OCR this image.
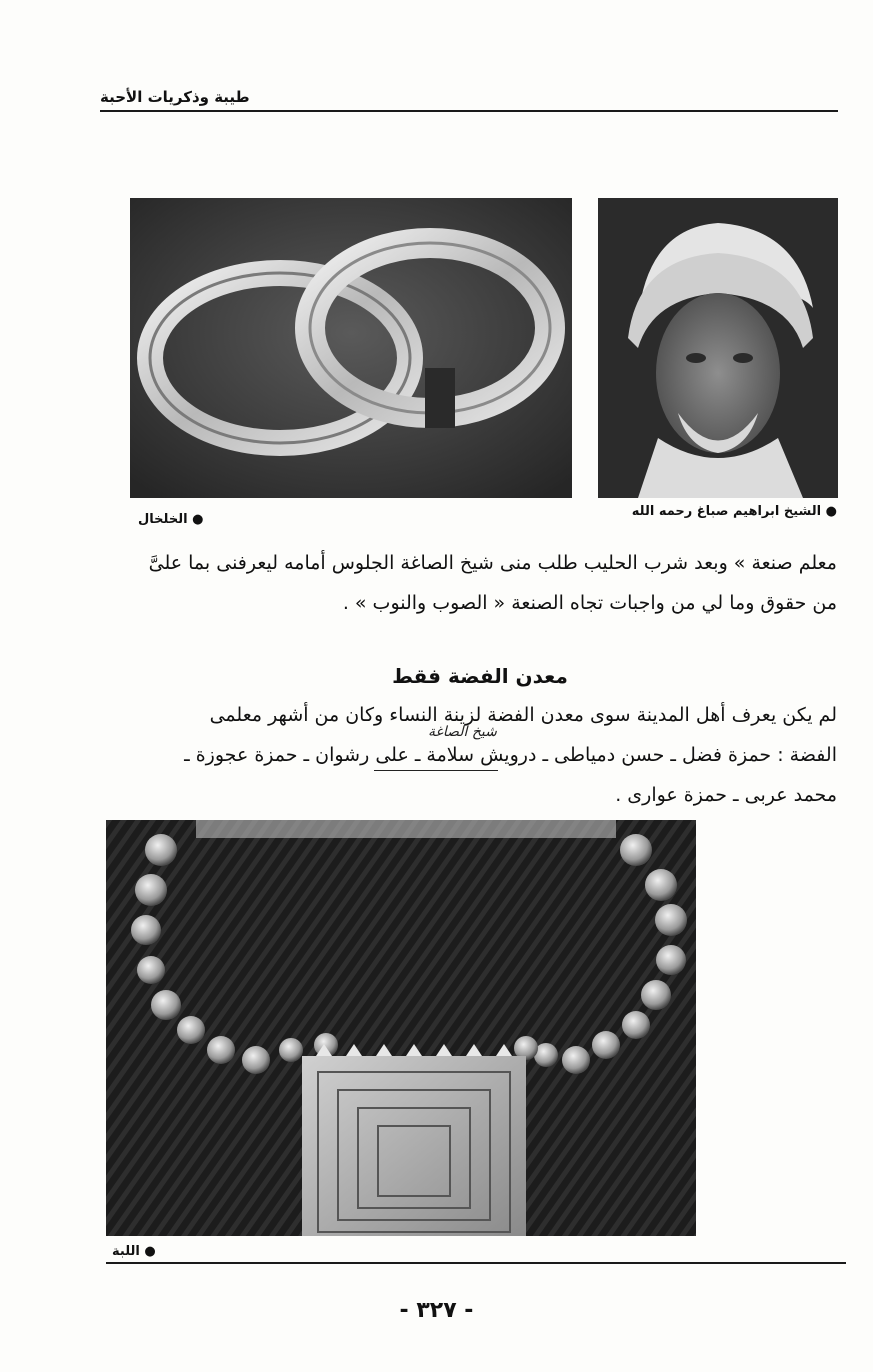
طيبة وذكريات الأحبة
● الخلخال
● الشيخ ابراهيم صباغ رحمه الله
معلم صنعة » وبعد شرب الحليب طلب منى شيخ الصاغة الجلوس أمامه ليعرفنى بما علىَّ
من حقوق وما لي من واجبات تجاه الصنعة « الصوب والنوب » .
معدن الفضة فقط
شيخ الصاغة
لم يكن يعرف أهل المدينة سوى معدن الفضة لزينة النساء وكان من أشهر معلمى
الفضة : حمزة فضل ـ حسن دمياطى ـ درويش سلامة ـ على رشوان ـ حمزة عجوزة ـ
محمد عربى ـ حمزة عوارى .
● اللبة
- ٣٢٧ -
